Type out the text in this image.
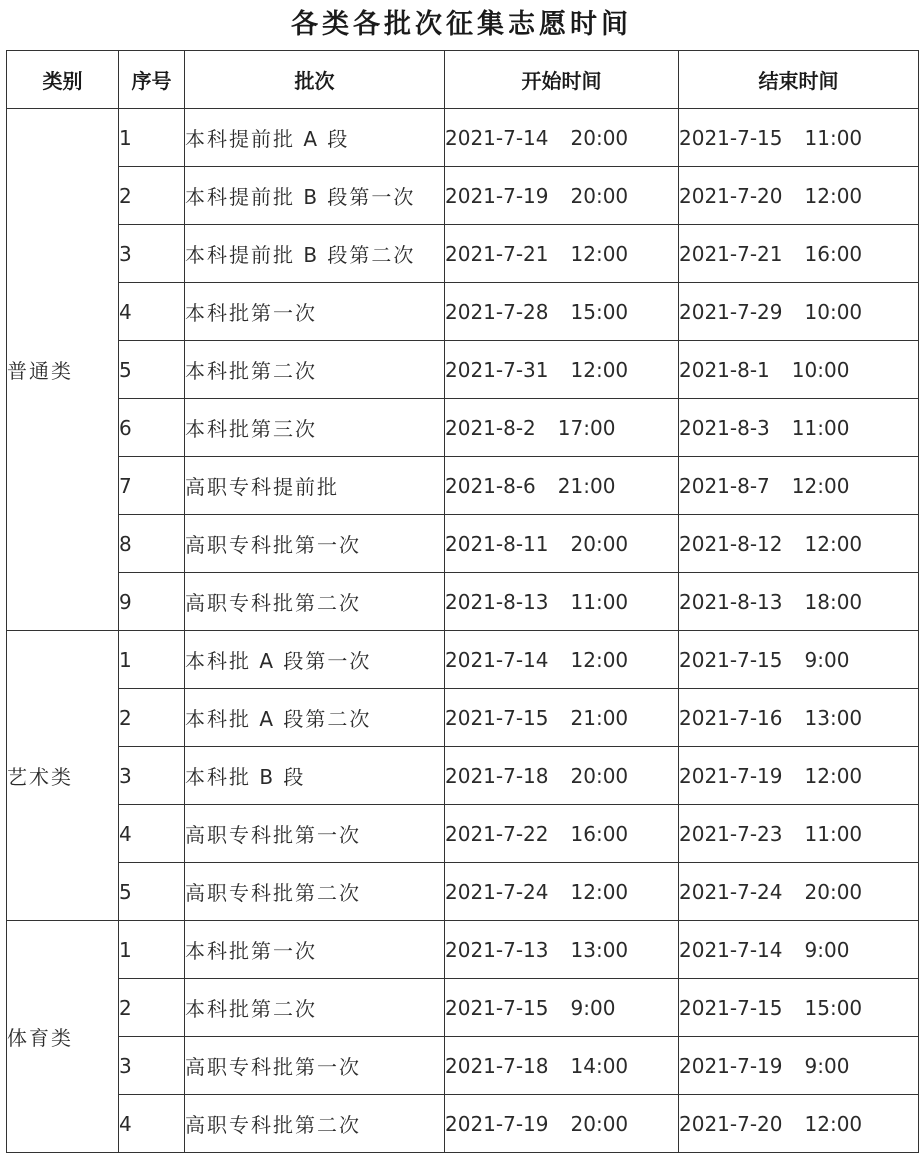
各类各批次征集志愿时间
类别	序号	批次	开始时间	结束时间
普通类	1	本科提前批 A 段	2021-7-14 20:00	2021-7-15 11:00
	2	本科提前批 B 段第一次	2021-7-19 20:00	2021-7-20 12:00
	3	本科提前批 B 段第二次	2021-7-21 12:00	2021-7-21 16:00
	4	本科批第一次	2021-7-28 15:00	2021-7-29 10:00
	5	本科批第二次	2021-7-31 12:00	2021-8-1 10:00
	6	本科批第三次	2021-8-2 17:00	2021-8-3 11:00
	7	高职专科提前批	2021-8-6 21:00	2021-8-7 12:00
	8	高职专科批第一次	2021-8-11 20:00	2021-8-12 12:00
	9	高职专科批第二次	2021-8-13 11:00	2021-8-13 18:00
艺术类	1	本科批 A 段第一次	2021-7-14 12:00	2021-7-15 9:00
	2	本科批 A 段第二次	2021-7-15 21:00	2021-7-16 13:00
	3	本科批 B 段	2021-7-18 20:00	2021-7-19 12:00
	4	高职专科批第一次	2021-7-22 16:00	2021-7-23 11:00
	5	高职专科批第二次	2021-7-24 12:00	2021-7-24 20:00
体育类	1	本科批第一次	2021-7-13 13:00	2021-7-14 9:00
	2	本科批第二次	2021-7-15 9:00	2021-7-15 15:00
	3	高职专科批第一次	2021-7-18 14:00	2021-7-19 9:00
	4	高职专科批第二次	2021-7-19 20:00	2021-7-20 12:00
